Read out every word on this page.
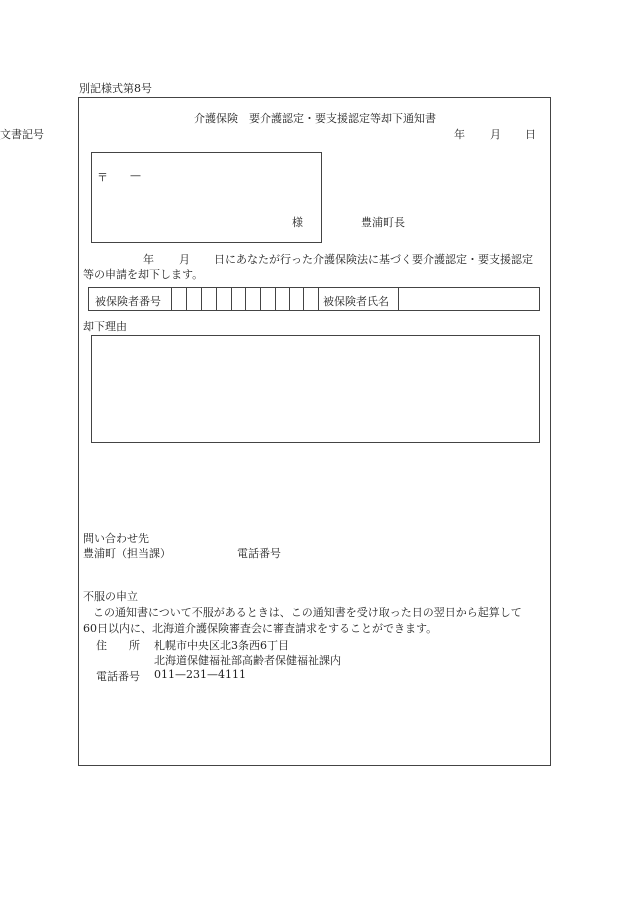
別記様式第8号
介護保険　要介護認定・要支援認定等却下通知書
文書記号	年 月 日
〒 —
様	豊浦町長
年 月 日にあなたが行った介護保険法に基づく要介護認定・要支援認定
等の申請を却下します。
被保険者番号	被保険者氏名
却下理由
問い合わせ先
豊浦町（担当課）	電話番号
不服の申立
この通知書について不服があるときは、この通知書を受け取った日の翌日から起算して
60日以内に、北海道介護保険審査会に審査請求をすることができます。
住　　所 札幌市中央区北3条西6丁目
北海道保健福祉部高齢者保健福祉課内
電話番号 011—231—4111
